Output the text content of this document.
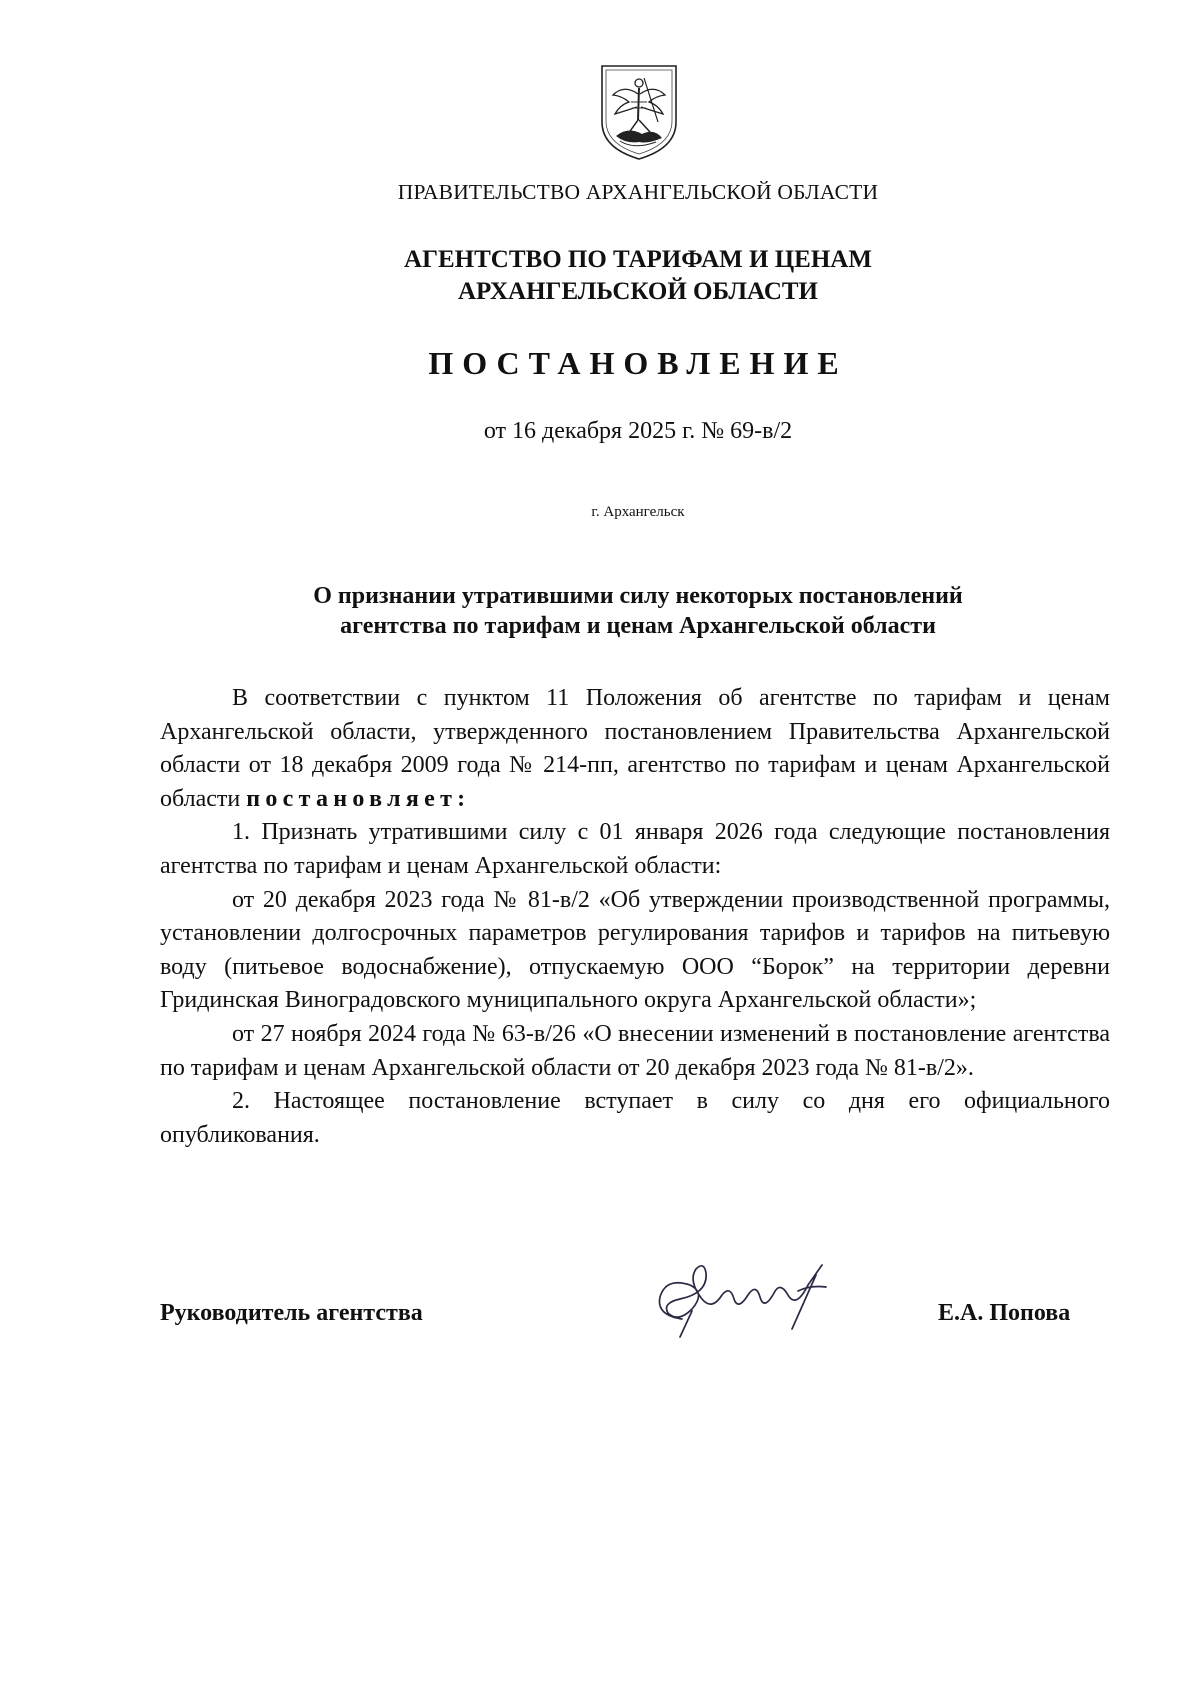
ПРАВИТЕЛЬСТВО АРХАНГЕЛЬСКОЙ ОБЛАСТИ
АГЕНТСТВО ПО ТАРИФАМ И ЦЕНАМ
АРХАНГЕЛЬСКОЙ ОБЛАСТИ
ПОСТАНОВЛЕНИЕ
от 16 декабря 2025 г. № 69-в/2
г. Архангельск
О признании утратившими силу некоторых постановлений
агентства по тарифам и ценам Архангельской области

В соответствии с пунктом 11 Положения об агентстве по тарифам и ценам Архангельской области, утвержденного постановлением Правительства Архангельской области от 18 декабря 2009 года № 214-пп, агентство по тарифам и ценам Архангельской области постановляет:

1. Признать утратившими силу с 01 января 2026 года следующие постановления агентства по тарифам и ценам Архангельской области:

от 20 декабря 2023 года № 81-в/2 «Об утверждении производственной программы, установлении долгосрочных параметров регулирования тарифов и тарифов на питьевую воду (питьевое водоснабжение), отпускаемую ООО “Борок” на территории деревни Гридинская Виноградовского муниципального округа Архангельской области»;

от 27 ноября 2024 года № 63-в/26 «О внесении изменений в постановление агентства по тарифам и ценам Архангельской области от 20 декабря 2023 года № 81-в/2».

2. Настоящее постановление вступает в силу со дня его официального опубликования.

Руководитель агентства	Е.А. Попова
